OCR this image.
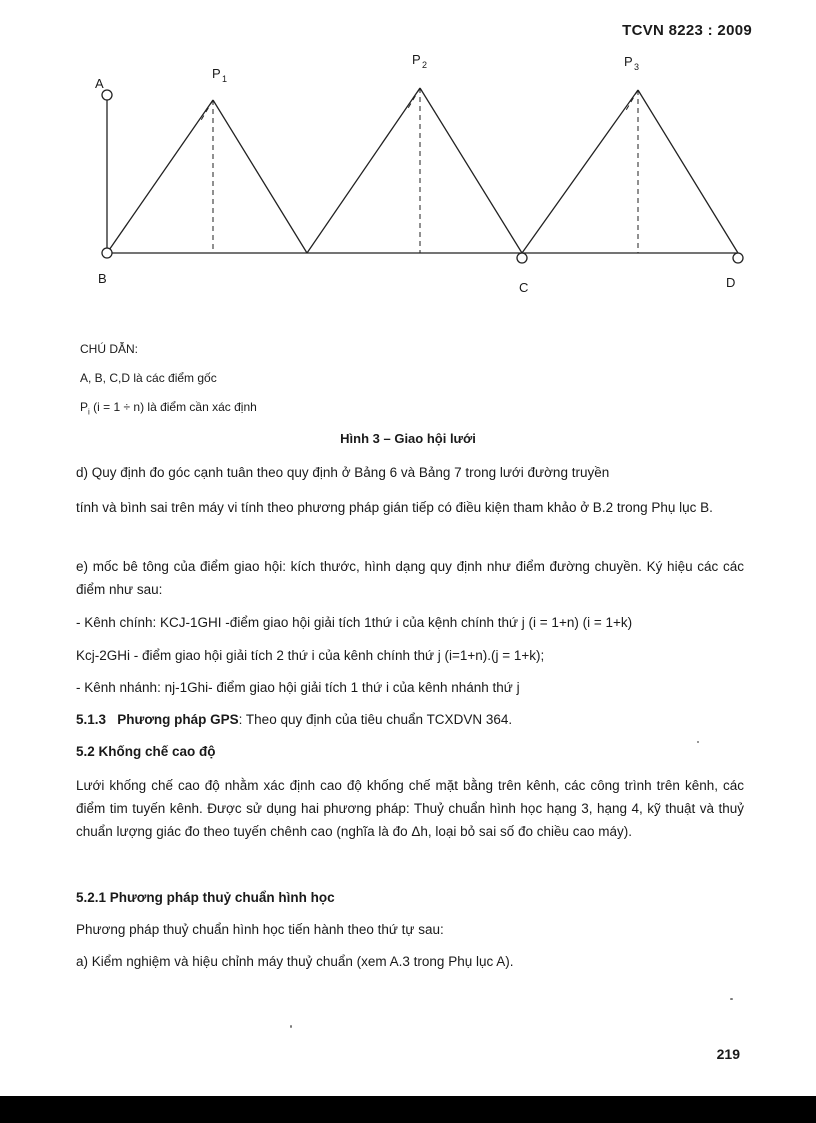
TCVN 8223 : 2009
A
B
C	D
P 1
P 2	P 3
CHÚ DẪN:
A, B, C,D là các điểm gốc
$P_i$ (i = 1 ÷ n) là điểm cần xác định
Hình 3 – Giao hội lưới
d) Quy định đo góc cạnh tuân theo quy định ở Bảng 6 và Bảng 7 trong lưới đường truyền
tính và bình sai trên máy vi tính theo phương pháp gián tiếp có điều kiện tham khảo ở B.2 trong Phụ lục B.
e) mốc bê tông của điểm giao hội: kích thước, hình dạng quy định như điểm đường chuyền. Ký hiệu các các điểm như sau:
- Kênh chính: KCJ-1GHI -điểm giao hội giải tích 1thứ i của kệnh chính thứ j (i = 1+n) (i = 1+k)
Kcj-2GHi - điểm giao hội giải tích 2 thứ i của kênh chính thứ j (i=1+n).(j = 1+k);
- Kênh nhánh: nj-1Ghi- điểm giao hội giải tích 1 thứ i của kênh nhánh thứ j
5.1.3 Phương pháp GPS: Theo quy định của tiêu chuẩn TCXDVN 364.
5.2 Khống chế cao độ
Lưới khống chế cao độ nhằm xác định cao độ khống chế mặt bằng trên kênh, các công trình trên kênh, các điểm tim tuyến kênh. Được sử dụng hai phương pháp: Thuỷ chuẩn hình học hạng 3, hạng 4, kỹ thuật và thuỷ chuẩn lượng giác đo theo tuyến chênh cao (nghĩa là đo Δh, loại bỏ sai số đo chiều cao máy).
5.2.1 Phương pháp thuỷ chuẩn hình học
Phương pháp thuỷ chuẩn hình học tiến hành theo thứ tự sau:
a) Kiểm nghiệm và hiệu chỉnh máy thuỷ chuẩn (xem A.3 trong Phụ lục A).
219
